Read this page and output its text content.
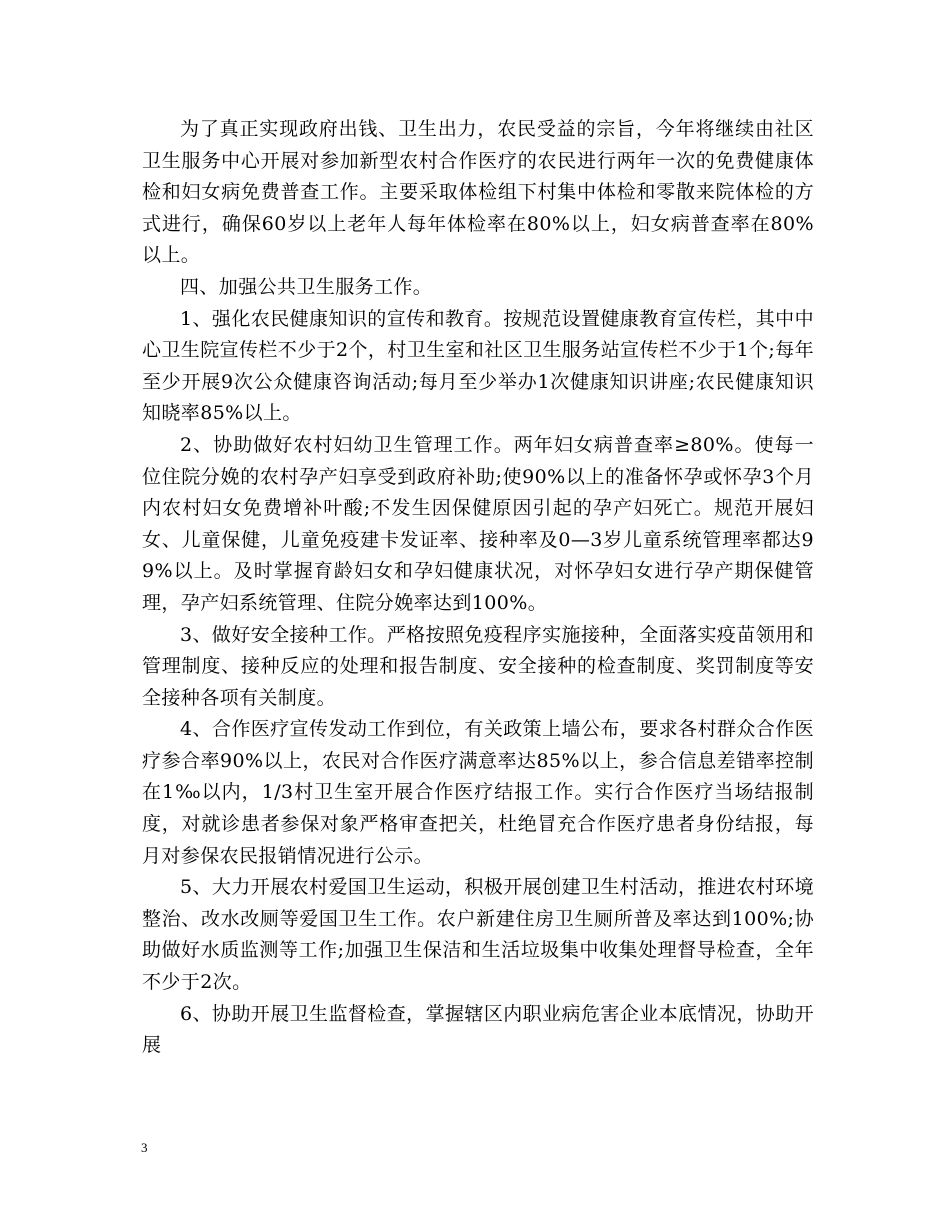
为了真正实现政府出钱、卫生出力，农民受益的宗旨，今年将继续由社区卫生服务中心开展对参加新型农村合作医疗的农民进行两年一次的免费健康体检和妇女病免费普查工作。主要采取体检组下村集中体检和零散来院体检的方式进行，确保60岁以上老年人每年体检率在80%以上，妇女病普查率在80%以上。

四、加强公共卫生服务工作。

1、强化农民健康知识的宣传和教育。按规范设置健康教育宣传栏，其中中心卫生院宣传栏不少于2个，村卫生室和社区卫生服务站宣传栏不少于1个;每年至少开展9次公众健康咨询活动;每月至少举办1次健康知识讲座;农民健康知识知晓率85%以上。

2、协助做好农村妇幼卫生管理工作。两年妇女病普查率≥80%。使每一位住院分娩的农村孕产妇享受到政府补助;使90%以上的准备怀孕或怀孕3个月内农村妇女免费增补叶酸;不发生因保健原因引起的孕产妇死亡。规范开展妇女、儿童保健，儿童免疫建卡发证率、接种率及0—3岁儿童系统管理率都达99%以上。及时掌握育龄妇女和孕妇健康状况，对怀孕妇女进行孕产期保健管理，孕产妇系统管理、住院分娩率达到100%。

3、做好安全接种工作。严格按照免疫程序实施接种，全面落实疫苗领用和管理制度、接种反应的处理和报告制度、安全接种的检查制度、奖罚制度等安全接种各项有关制度。

4、合作医疗宣传发动工作到位，有关政策上墙公布，要求各村群众合作医疗参合率90%以上，农民对合作医疗满意率达85%以上，参合信息差错率控制在1‰以内，1/3村卫生室开展合作医疗结报工作。实行合作医疗当场结报制度，对就诊患者参保对象严格审查把关，杜绝冒充合作医疗患者身份结报，每月对参保农民报销情况进行公示。

5、大力开展农村爱国卫生运动，积极开展创建卫生村活动，推进农村环境整治、改水改厕等爱国卫生工作。农户新建住房卫生厕所普及率达到100%;协助做好水质监测等工作;加强卫生保洁和生活垃圾集中收集处理督导检查，全年不少于2次。

6、协助开展卫生监督检查，掌握辖区内职业病危害企业本底情况，协助开展

3
